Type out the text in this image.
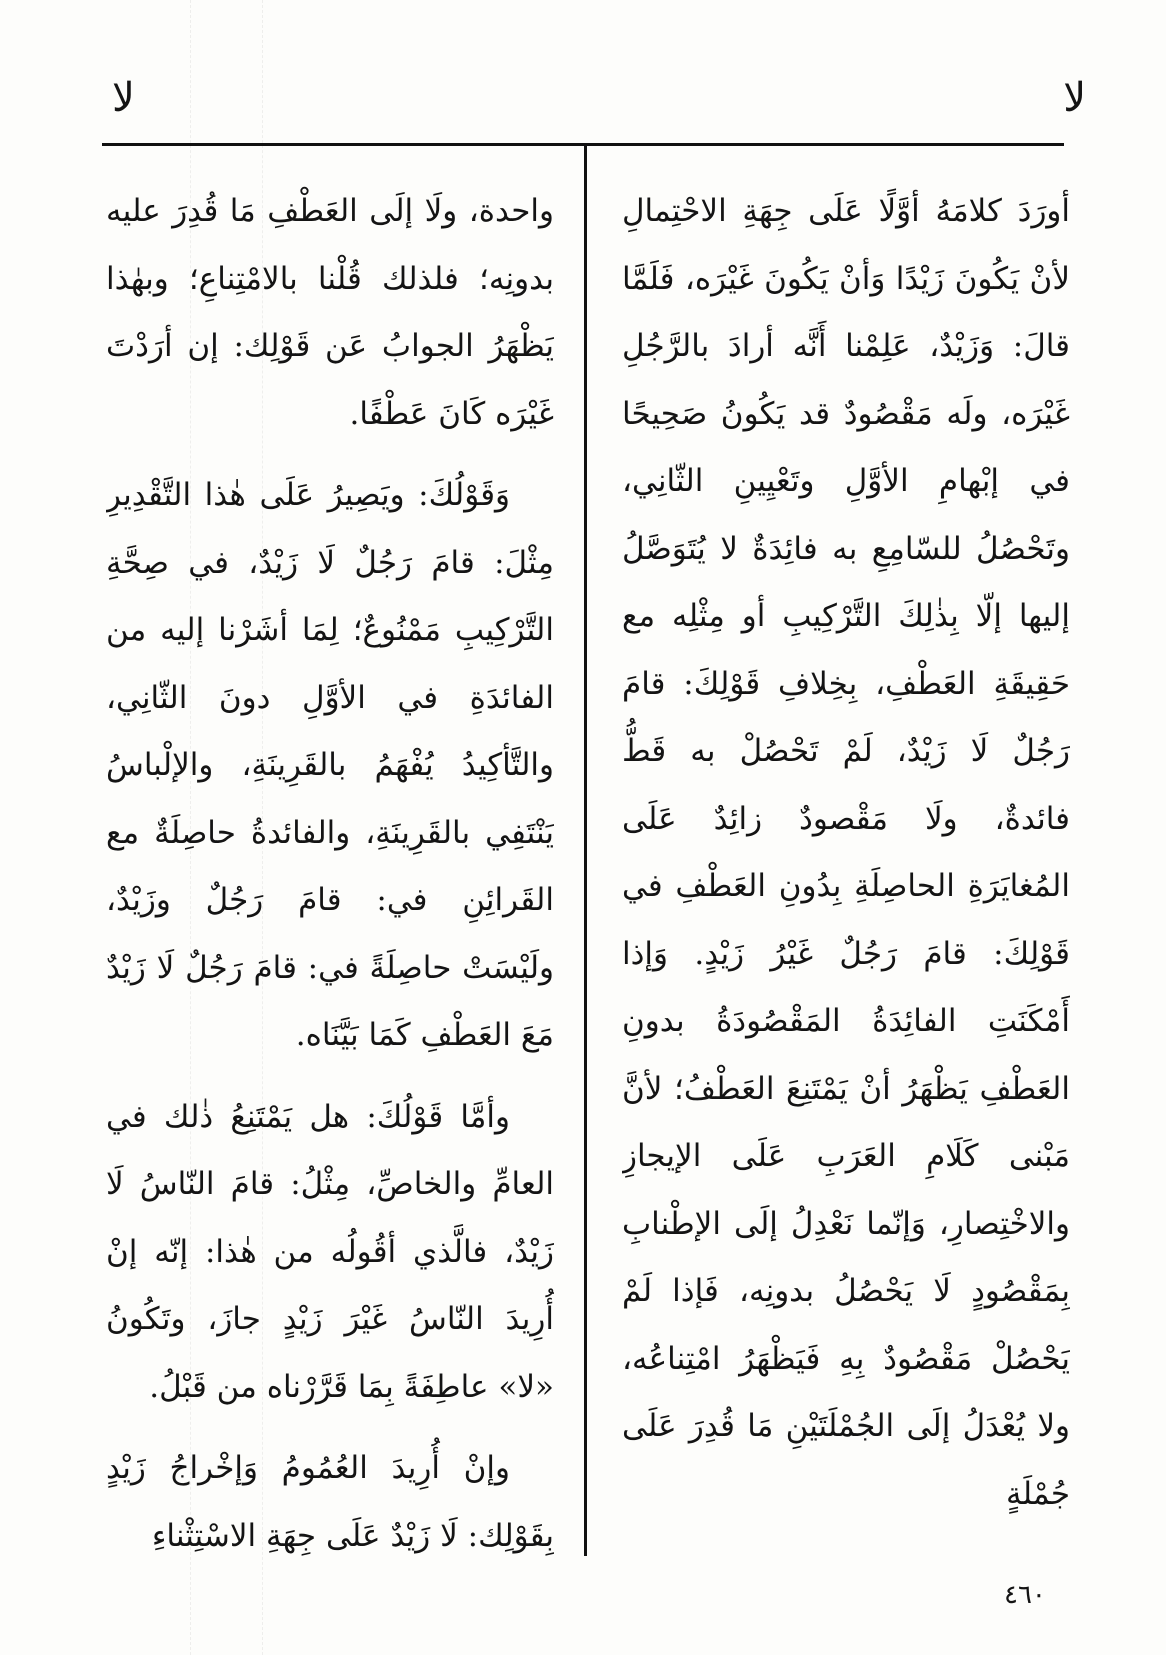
لا
لا

أورَدَ كلامَهُ أوَّلًا عَلَى جِهَةِ الاحْتِمالِ لأنْ يَكُونَ زَيْدًا وَأنْ يَكُونَ غَيْرَه، فَلَمَّا قالَ: وَزَيْدٌ، عَلِمْنا أَنَّه أرادَ بالرَّجُلِ غَيْرَه، ولَه مَقْصُودٌ قد يَكُونُ صَحِيحًا في إبْهامِ الأوَّلِ وتَعْيِينِ الثّانِي، وتَحْصُلُ للسّامِعِ به فائِدَةٌ لا يُتَوَصَّلُ إليها إلّا بِذٰلِكَ التَّرْكِيبِ أو مِثْلِه مع حَقِيقَةِ العَطْفِ، بِخِلافِ قَوْلِكَ: قامَ رَجُلٌ لَا زَيْدٌ، لَمْ تَحْصُلْ به قَطُّ فائدةٌ، ولَا مَقْصودٌ زائِدٌ عَلَى المُغايَرَةِ الحاصِلَةِ بِدُونِ العَطْفِ في قَوْلِكَ: قامَ رَجُلٌ غَيْرُ زَيْدٍ. وَإذا أَمْكَنَتِ الفائِدَةُ المَقْصُودَةُ بدونِ العَطْفِ يَظْهَرُ أنْ يَمْتَنِعَ العَطْفُ؛ لأنَّ مَبْنى كَلَامِ العَرَبِ عَلَى الإيجازِ والاخْتِصارِ، وَإنّما نَعْدِلُ إلَى الإطْنابِ بِمَقْصُودٍ لَا يَحْصُلُ بدونِه، فَإذا لَمْ يَحْصُلْ مَقْصُودٌ بِهِ فَيَظْهَرُ امْتِناعُه، ولا يُعْدَلُ إلَى الجُمْلَتَيْنِ مَا قُدِرَ عَلَى جُمْلَةٍ

واحدة، ولَا إلَى العَطْفِ مَا قُدِرَ عليه بدونِه؛ فلذلك قُلْنا بالامْتِناعِ؛ وبهٰذا يَظْهَرُ الجوابُ عَن قَوْلِك: إن أرَدْتَ غَيْرَه كَانَ عَطْفًا.

وَقَوْلُكَ: ويَصِيرُ عَلَى هٰذا التَّقْدِيرِ مِثْلَ: قامَ رَجُلٌ لَا زَيْدٌ، في صِحَّةِ التَّرْكِيبِ مَمْنُوعٌ؛ لِمَا أشَرْنا إليه من الفائدَةِ في الأوَّلِ دونَ الثّانِي، والتَّأكِيدُ يُفْهَمُ بالقَرِينَةِ، والإلْباسُ يَنْتَفِي بالقَرِينَةِ، والفائدةُ حاصِلَةٌ مع القَرائِنِ في: قامَ رَجُلٌ وزَيْدٌ، ولَيْسَتْ حاصِلَةً في: قامَ رَجُلٌ لَا زَيْدٌ مَعَ العَطْفِ كَمَا بَيَّنَاه.

وأمَّا قَوْلُكَ: هل يَمْتَنِعُ ذٰلك في العامِّ والخاصِّ، مِثْلُ: قامَ النّاسُ لَا زَيْدٌ، فالَّذي أقُولُه من هٰذا: إنّه إنْ أُرِيدَ النّاسُ غَيْرَ زَيْدٍ جازَ، وتَكُونُ «لا» عاطِفَةً بِمَا قَرَّرْناه من قَبْلُ.

وإنْ أُرِيدَ العُمُومُ وَإخْراجُ زَيْدٍ بِقَوْلِك: لَا زَيْدٌ عَلَى جِهَةِ الاسْتِثْناءِ

٤٦٠
